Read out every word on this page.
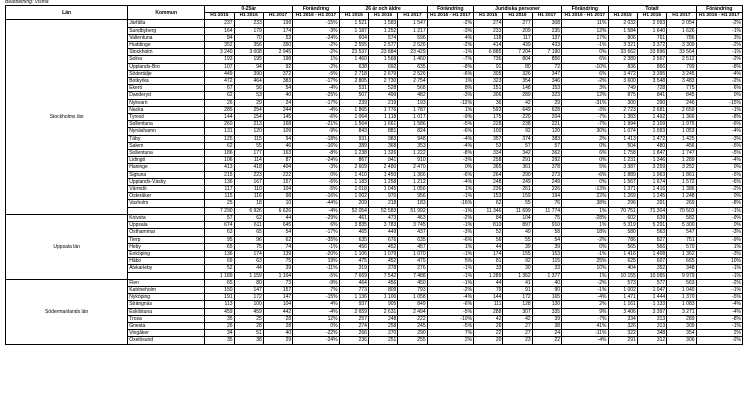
Bearbetning: Visma
Län	Kommun	0-25år			Förändring	26 år och äldre			Förändring	Juridiska personer			Förändring	Totalt			Förändring
		H1 2015	H1 2016	H1 2017	H1 2016 - H1 2017	H1 2015	H1 2016	H1 2017	H1 2016 - H1 2017	H1 2015	H1 2016	H1 2017	H1 2016 - H1 2017	H1 2015	H1 2016	H1 2017	H1 2016 - H1 2017
Stockholms län	Järfälla	237	233	199	-15%	1 521	1 583	1 547	-2%	274	277	308	11%	2 032	2 093	2 054	-2%
	Sundbyberg	164	179	174	-3%	1 187	1 252	1 217	-3%	233	209	235	12%	1 584	1 640	1 626	-1%
	Vallentuna	84	70	53	-24%	604	574	596	4%	118	117	137	17%	806	761	786	3%
	Huddinge	352	356	350	-2%	2 555	2 577	2 526	-2%	414	439	433	-1%	3 321	3 372	3 309	-2%
	Stockholm	3 240	3 008	2 945	-2%	23 537	23 884	23 429	-1%	6 885	7 204	7 190	0%	33 662	33 896	33 564	-1%
	Solna	193	195	198	1%	1 460	1 568	1 460	-7%	736	804	856	6%	2 389	2 567	2 512	-2%
	Upplands-Bro	107	94	92	-2%	638	692	635	-8%	91	80	72	-10%	836	866	799	-8%
	Södertälje	449	390	372	-5%	2 718	2 679	2 526	-6%	305	326	347	6%	3 472	3 395	3 245	-4%
	Botkyrka	472	464	383	-17%	2 805	2 730	2 754	1%	323	354	346	-2%	3 600	3 548	3 483	-2%
	Ekerö	67	56	54	-4%	531	528	568	8%	151	148	153	3%	749	728	775	6%
	Danderyd	62	53	40	-25%	507	499	482	-3%	306	289	323	12%	875	841	845	0%
	Nykvarn	26	29	24	-17%	239	219	193	-12%	36	42	29	-31%	300	290	246	-15%
	Nacka	285	254	244	-4%	1 865	1 776	1 787	1%	593	649	628	-3%	2 723	2 681	2 659	-1%
	Tyresö	144	154	145	-6%	1 064	1 118	1 017	-9%	175	220	204	-7%	1 383	1 492	1 366	-8%
	Sollentuna	260	213	168	-21%	1 564	1 661	1 586	-5%	228	238	221	-7%	1 994	2 109	1 975	-6%
	Nynäshamn	131	120	109	-9%	843	881	824	-6%	100	92	120	30%	1 074	1 093	1 053	-4%
	Täby	125	115	94	-18%	931	983	948	-4%	357	374	383	2%	1 413	1 472	1 425	-3%
	Salem	62	55	46	-16%	389	368	353	-4%	53	57	57	0%	504	480	456	-5%
	Sollentuna	186	177	163	-8%	1 238	1 326	1 222	-8%	334	342	362	6%	1 758	1 847	1 747	-5%
	Lidingö	106	114	87	-24%	867	941	910	-3%	258	291	292	0%	1 231	1 346	1 289	-4%
	Haninge	413	418	404	-3%	2 609	2 480	2 470	0%	365	361	378	5%	3 387	3 259	3 252	0%
	Sigtuna	215	223	222	0%	1 410	1 450	1 366	-6%	264	290	273	-6%	1 889	1 963	1 861	-5%
	Upplands-Väsby	136	167	157	-6%	1 183	1 258	1 212	-4%	248	249	249	0%	1 567	1 674	1 572	-6%
	Värmdö	117	110	104	-5%	1 018	1 045	1 056	1%	236	261	226	-13%	1 371	1 416	1 386	-2%
	Österåker	115	116	98	-16%	1 002	970	956	-1%	153	159	194	22%	1 269	1 245	1 248	0%
	Vaxholm	25	18	10	-44%	209	218	183	-16%	62	55	76	38%	296	291	269	-8%
		7 290	6 926	6 626	-4%	52 054	52 583	51 992	-1%	11 346	11 699	11 774	1%	70 751	71 304	70 503	-1%
Uppsala län	Knivsta	57	62	44	-29%	461	473	463	-2%	84	104	75	-28%	602	639	582	-9%
	Uppsala	674	611	645	6%	3 835	3 783	3 745	-1%	810	897	910	1%	5 319	5 291	5 300	0%
	Östhammar	63	65	54	-17%	465	449	437	-3%	52	49	58	18%	580	563	547	-3%
	Tierp	95	96	62	-35%	635	676	635	-6%	56	55	54	-2%	786	827	751	-9%
	Heby	65	75	74	-1%	456	452	457	1%	44	39	39	0%	565	566	570	1%
	Enköping	136	174	139	-20%	1 106	1 079	1 070	-1%	174	155	153	-1%	1 416	1 408	1 362	-3%
	Håbo	69	63	75	19%	475	452	475	5%	81	92	115	25%	625	607	665	10%
	Älvkarleby	52	44	39	-11%	319	278	276	-1%	33	30	33	10%	404	352	348	-1%
		1 189	1 159	1 104	-5%	7 669	7 542	7 488	-1%	1 289	1 362	1 377	1%	10 155	10 065	9 979	-1%
Södermanlands län	Flen	65	80	73	-9%	464	456	450	-1%	44	41	40	-2%	573	577	563	-2%
	Katrineholm	150	147	157	7%	773	809	793	-2%	79	91	90	-1%	1 002	1 047	1 040	-1%
	Nyköping	191	172	147	-15%	1 136	1 100	1 058	-4%	144	172	165	-4%	1 471	1 444	1 370	-5%
	Strängnäs	113	100	104	4%	937	905	849	-6%	111	128	130	2%	1 161	1 133	1 083	-4%
	Eskilstuna	459	459	442	-4%	2 659	2 631	2 494	-5%	288	307	335	9%	3 406	3 397	3 271	-4%
	Trosa	35	25	28	12%	257	248	222	-10%	42	42	39	-7%	334	313	289	-8%
	Gnesta	26	28	28	0%	274	258	245	-5%	26	27	38	41%	326	313	309	-1%
	Vingåker	34	51	40	-22%	266	270	290	7%	22	27	24	-11%	322	348	354	2%
	Oxelösund	35	38	29	-24%	236	251	255	2%	20	23	22	-4%	291	312	306	-2%
